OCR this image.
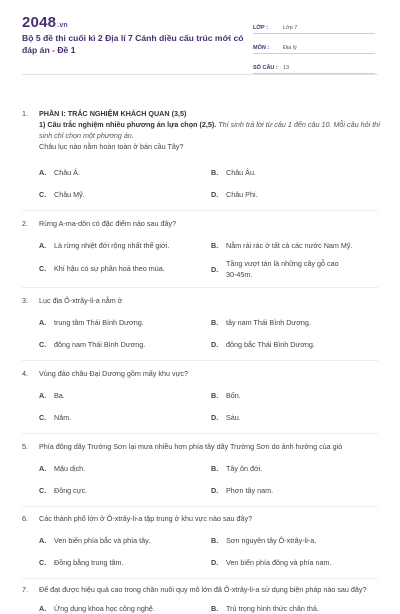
2048.vn
Bộ 5 đề thi cuối kì 2 Địa lí 7 Cánh diều cấu trúc mới có đáp án - Đề 1
LỚP :	Lớp 7
MÔN :	Địa lý
SỐ CÂU : 13
1.	PHẦN I: TRẮC NGHIỆM KHÁCH QUAN (3,5)
1) Câu trắc nghiệm nhiều phương án lựa chọn (2,5). Thí sinh trả lời từ câu 1 đến câu 10. Mỗi câu hỏi thí sinh chỉ chọn một phương án.
Châu lục nào nằm hoàn toàn ở bán cầu Tây?
A. Châu Á.	B. Châu Âu.
C. Châu Mỹ.	D. Châu Phi.
2.	Rừng A-ma-dôn có đặc điểm nào sau đây?
A. Là rừng nhiệt đới rộng nhất thế giới.	B. Nằm rải rác ở tất cả các nước Nam Mỹ.
C. Khí hậu có sự phân hoá theo mùa.	D.
Tầng vượt tán là những cây gỗ cao 30-45m.
3.	Lục địa Ô-xtrây-li-a nằm ở
A. trung tâm Thái Bình Dương.	B. tây nam Thái Bình Dương.
C. đông nam Thái Bình Dương.	D. đông bắc Thái Bình Dương.
4.	Vùng đảo châu Đại Dương gồm mấy khu vực?
A. Ba.	B. Bốn.
C. Năm.	D. Sáu.
5.	Phía đông dãy Trường Sơn lại mưa nhiều hơn phía tây dãy Trường Sơn do ảnh hưởng của gió
A. Mậu dịch.	B. Tây ôn đới.
C. Đông cực.	D. Phơn tây nam.
6.	Các thành phố lớn ở Ô-xtrây-li-a tập trung ở khu vực nào sau đây?
A. Ven biển phía bắc và phía tây.	B. Sơn nguyên tây Ô-xtrây-li-a.
C. Đồng bằng trung tâm.	D. Ven biển phía đông và phía nam.
7.	Để đạt được hiệu quả cao trong chăn nuôi quy mô lớn đã Ô-xtrây-li-a sử dụng biện pháp nào sau đây?
A. Ứng dụng khoa học công nghệ.	B. Trú trọng hình thức chăn thả.
